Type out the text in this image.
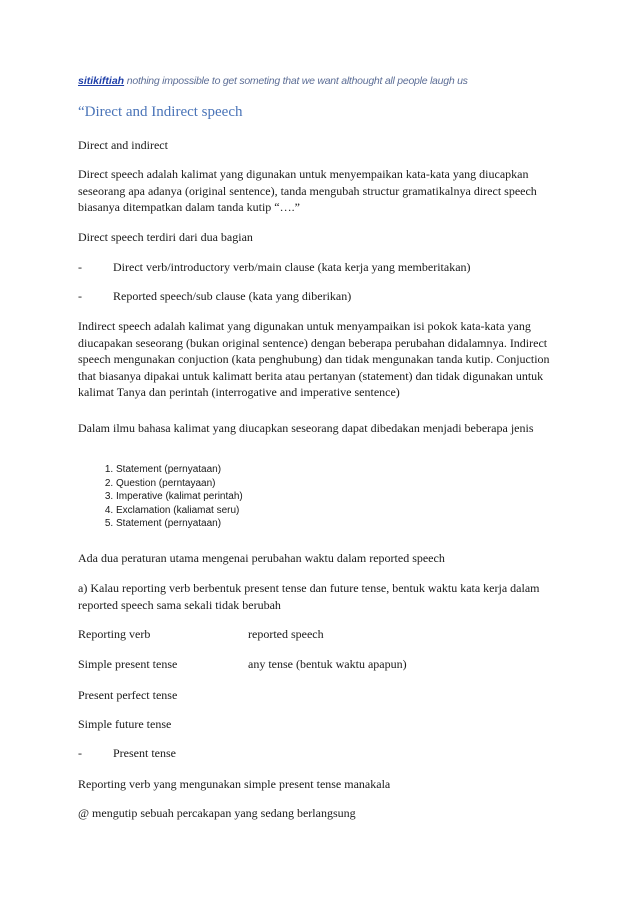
sitikiftiah nothing impossible to get someting that we want althought all people laugh us
“Direct and Indirect speech

Direct and indirect

Direct speech adalah kalimat yang digunakan untuk menyempaikan kata-kata yang diucapkan seseorang apa adanya (original sentence), tanda mengubah structur gramatikalnya direct speech biasanya ditempatkan dalam tanda kutip “….”

Direct speech terdiri dari dua bagian

-	Direct verb/introductory verb/main clause (kata kerja yang memberitakan)
-	Reported speech/sub clause (kata yang diberikan)

Indirect speech adalah kalimat yang digunakan untuk menyampaikan isi pokok kata-kata yang diucapakan seseorang (bukan original sentence) dengan beberapa perubahan didalamnya. Indirect speech mengunakan conjuction (kata penghubung) dan tidak mengunakan tanda kutip. Conjuction that biasanya dipakai untuk kalimatt berita atau pertanyan (statement) dan tidak digunakan untuk kalimat Tanya dan perintah (interrogative and imperative sentence)

Dalam ilmu bahasa kalimat yang diucapkan seseorang dapat dibedakan menjadi beberapa jenis

1. Statement (pernyataan)
2. Question (perntayaan)
3. Imperative (kalimat perintah)
4. Exclamation (kaliamat seru)
5. Statement (pernyataan)

Ada dua peraturan utama mengenai perubahan waktu dalam reported speech

a) Kalau reporting verb berbentuk present tense dan future tense, bentuk waktu kata kerja dalam reported speech sama sekali tidak berubah

Reporting verb	reported speech
Simple present tense	any tense (bentuk waktu apapun)

Present perfect tense

Simple future tense

-	Present tense

Reporting verb yang mengunakan simple present tense manakala

@ mengutip sebuah percakapan yang sedang berlangsung
